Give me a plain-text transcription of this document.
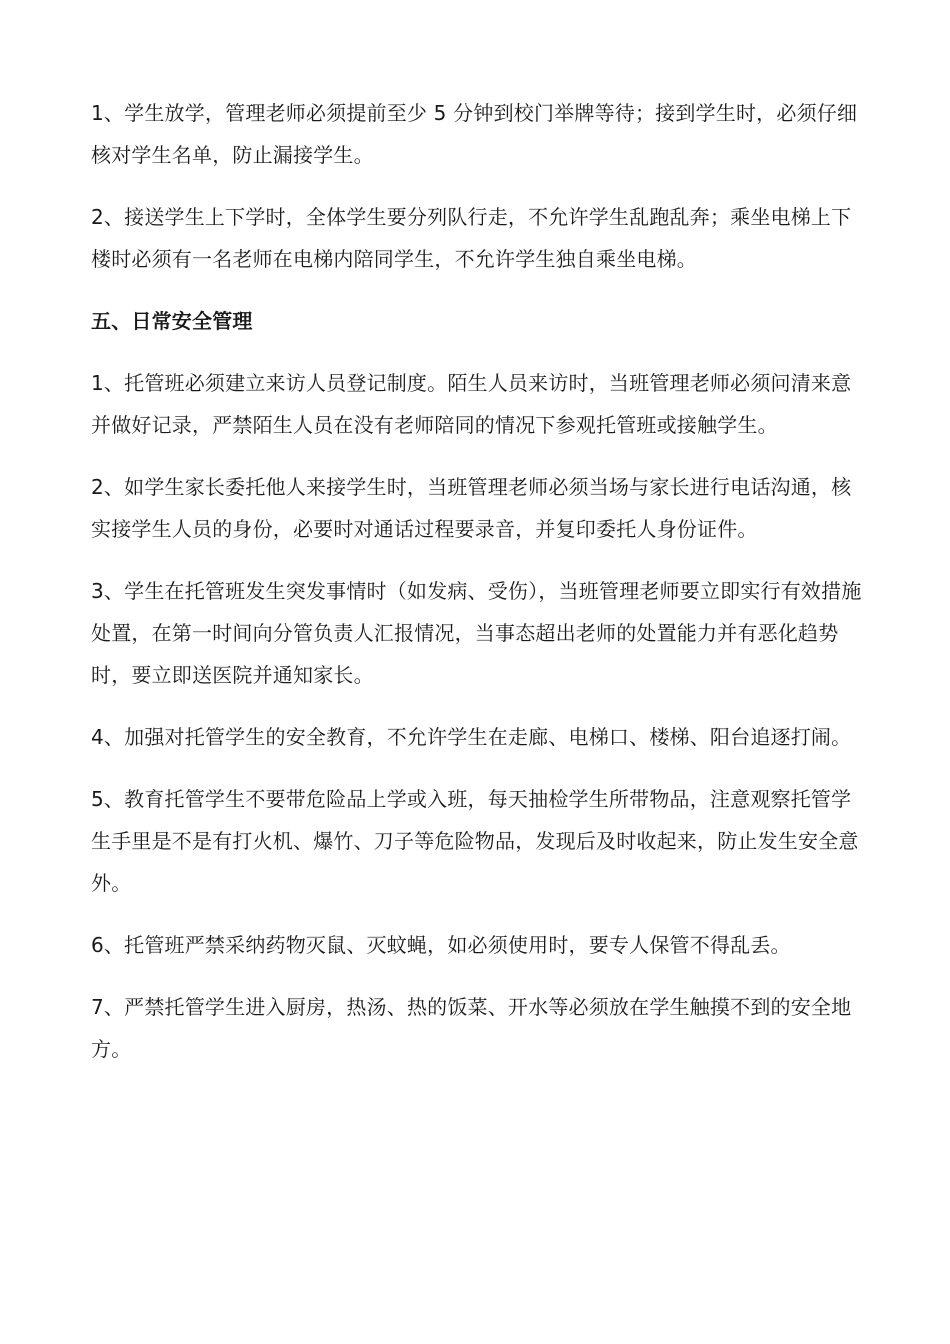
1、学生放学，管理老师必须提前至少 5 分钟到校门举牌等待；接到学生时，必须仔细核对学生名单，防止漏接学生。

2、接送学生上下学时，全体学生要分列队行走，不允许学生乱跑乱奔；乘坐电梯上下楼时必须有一名老师在电梯内陪同学生，不允许学生独自乘坐电梯。

五、日常安全管理

1、托管班必须建立来访人员登记制度。陌生人员来访时，当班管理老师必须问清来意并做好记录，严禁陌生人员在没有老师陪同的情况下参观托管班或接触学生。

2、如学生家长委托他人来接学生时，当班管理老师必须当场与家长进行电话沟通，核实接学生人员的身份，必要时对通话过程要录音，并复印委托人身份证件。

3、学生在托管班发生突发事情时（如发病、受伤），当班管理老师要立即实行有效措施处置，在第一时间向分管负责人汇报情况，当事态超出老师的处置能力并有恶化趋势时，要立即送医院并通知家长。

4、加强对托管学生的安全教育，不允许学生在走廊、电梯口、楼梯、阳台追逐打闹。

5、教育托管学生不要带危险品上学或入班，每天抽检学生所带物品，注意观察托管学生手里是不是有打火机、爆竹、刀子等危险物品，发现后及时收起来，防止发生安全意外。

6、托管班严禁采纳药物灭鼠、灭蚊蝇，如必须使用时，要专人保管不得乱丢。

7、严禁托管学生进入厨房，热汤、热的饭菜、开水等必须放在学生触摸不到的安全地方。
